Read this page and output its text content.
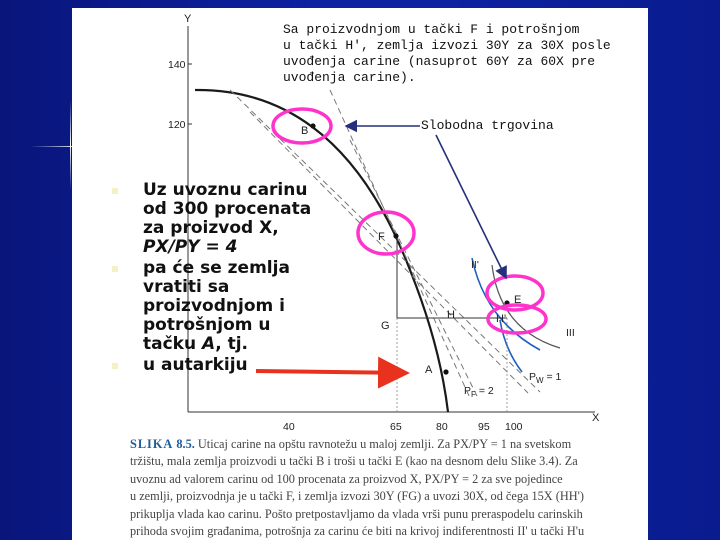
Y
X
140
120
40	65	80	95 100
B
F
G
H
E
H'
A
II'
III
$P_F = 2$
$P_W = 1$

Sa proizvodnjom u tački F i potrošnjom
u tački H', zemlja izvozi 30Y za 30X posle
uvođenja carine (nasuprot 60Y za 60X pre
uvođenja carine).

Slobodna trgovina
Uz uvoznu carinu
od 300 procenata
za proizvod X,
PX/PY = 4
pa će se zemlja
vratiti sa
proizvodnjom i
potrošnjom u
tačku A, tj.
u autarkiju

SLIKA 8.5. Uticaj carine na opštu ravnotežu u maloj zemlji. Za PX/PY = 1 na svetskom
tržištu, mala zemlja proizvodi u tački B i troši u tački E (kao na desnom delu Slike 3.4). Za
uvoznu ad valorem carinu od 100 procenata za proizvod X, PX/PY = 2 za sve pojedince
u zemlji, proizvodnja je u tački F, i zemlja izvozi 30Y (FG) a uvozi 30X, od čega 15X (HH')
prikuplja vlada kao carinu. Pošto pretpostavljamo da vlada vrši punu preraspodelu carinskih
prihoda svojim građanima, potrošnja za carinu će biti na krivoj indiferentnosti II' u tački H'u
